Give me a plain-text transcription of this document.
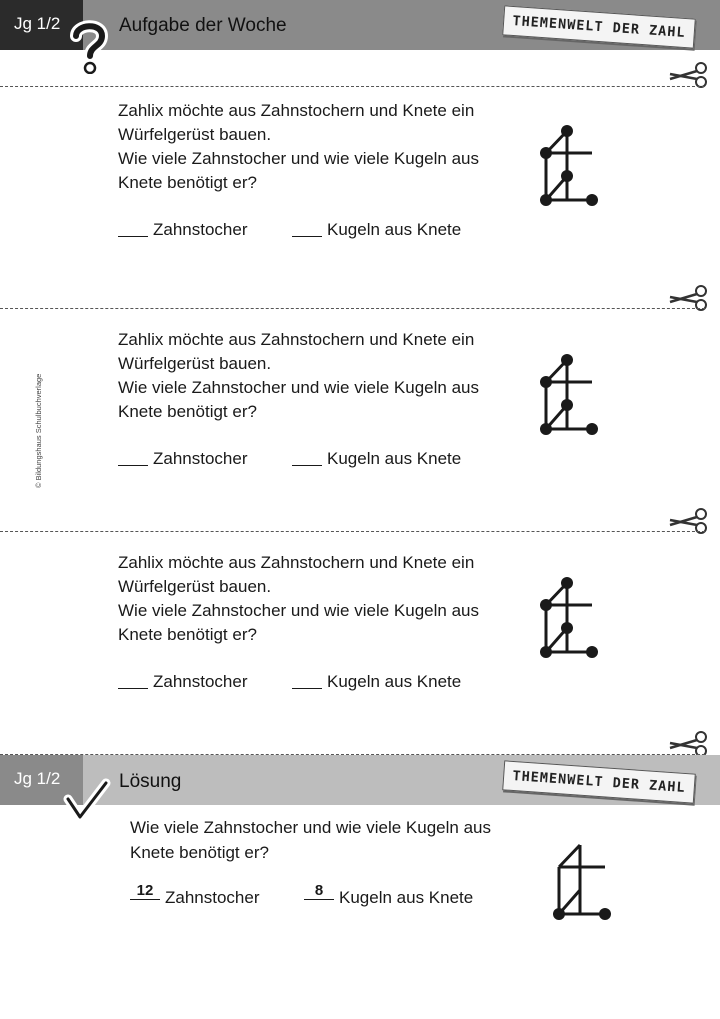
Jg 1/2	Aufgabe der Woche	THEMENWELT DER ZAHL
Zahlix möchte aus Zahnstochern und Knete ein
Würfelgerüst bauen.
Wie viele Zahnstocher und wie viele Kugeln aus
Knete benötigt er?
Zahnstocher	Kugeln aus Knete
Zahlix möchte aus Zahnstochern und Knete ein
Würfelgerüst bauen.
Wie viele Zahnstocher und wie viele Kugeln aus
Knete benötigt er?
Zahnstocher	Kugeln aus Knete
Zahlix möchte aus Zahnstochern und Knete ein
Würfelgerüst bauen.
Wie viele Zahnstocher und wie viele Kugeln aus
Knete benötigt er?
Zahnstocher	Kugeln aus Knete
Jg 1/2	Lösung	THEMENWELT DER ZAHL
Wie viele Zahnstocher und wie viele Kugeln aus
Knete benötigt er?
12 Zahnstocher	8 Kugeln aus Knete
© Bildungshaus Schulbuchverlage
